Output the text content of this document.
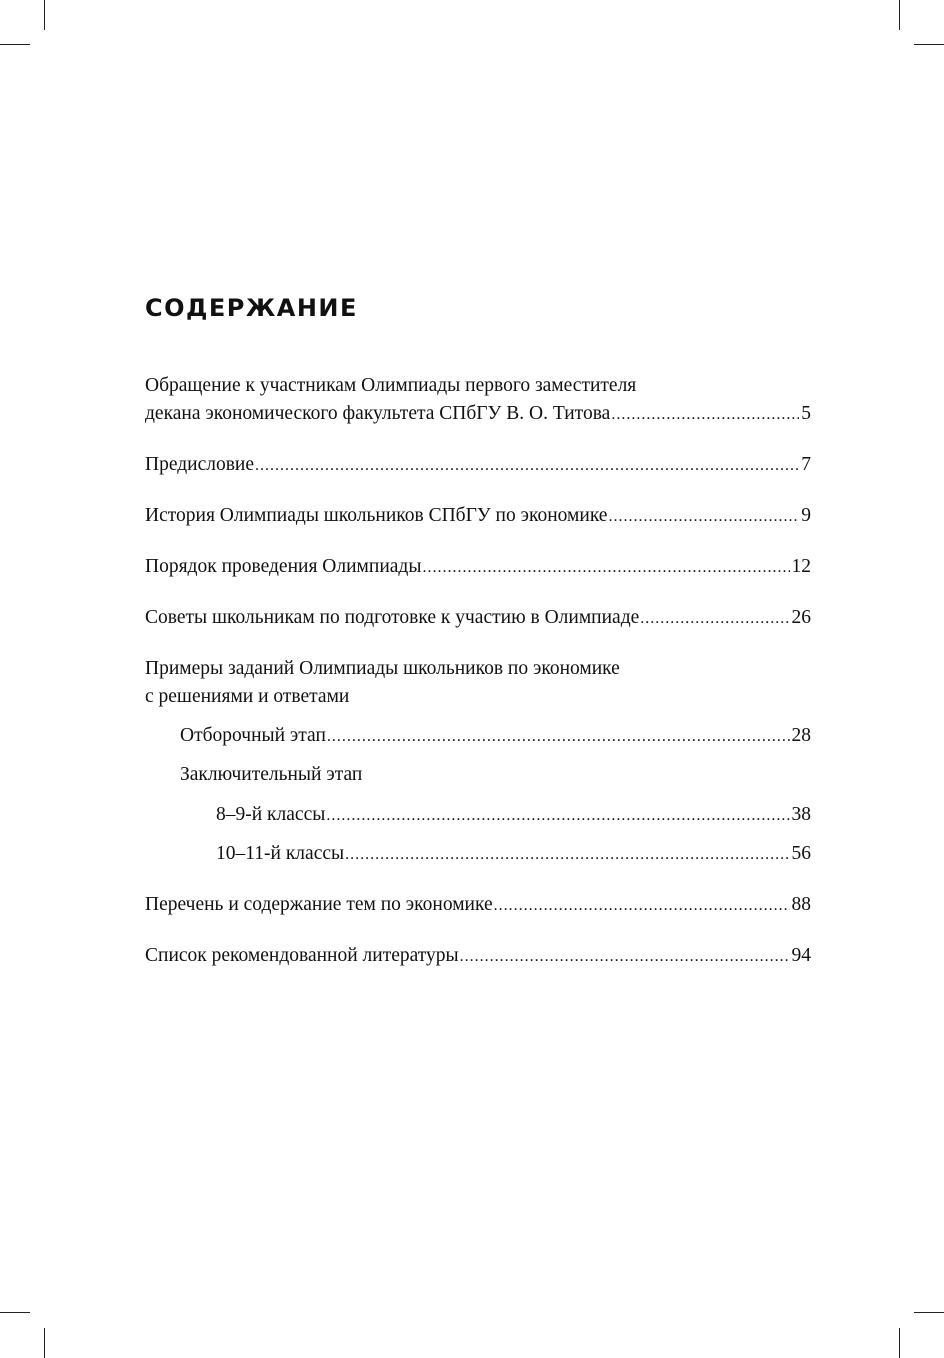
СОДЕРЖАНИЕ
Обращение к участникам Олимпиады первого заместителя
декана экономического факультета СПбГУ В. О. Титова .....	5
Предисловие .....	7
История Олимпиады школьников СПбГУ по экономике .....	9
Порядок проведения Олимпиады .....	12
Советы школьникам по подготовке к участию в Олимпиаде .....	26
Примеры заданий Олимпиады школьников по экономике
с решениями и ответами
Отборочный этап .....	28
Заключительный этап
8–9-й классы .....	38
10–11-й классы .....	56
Перечень и содержание тем по экономике .....	88
Список рекомендованной литературы .....	94
